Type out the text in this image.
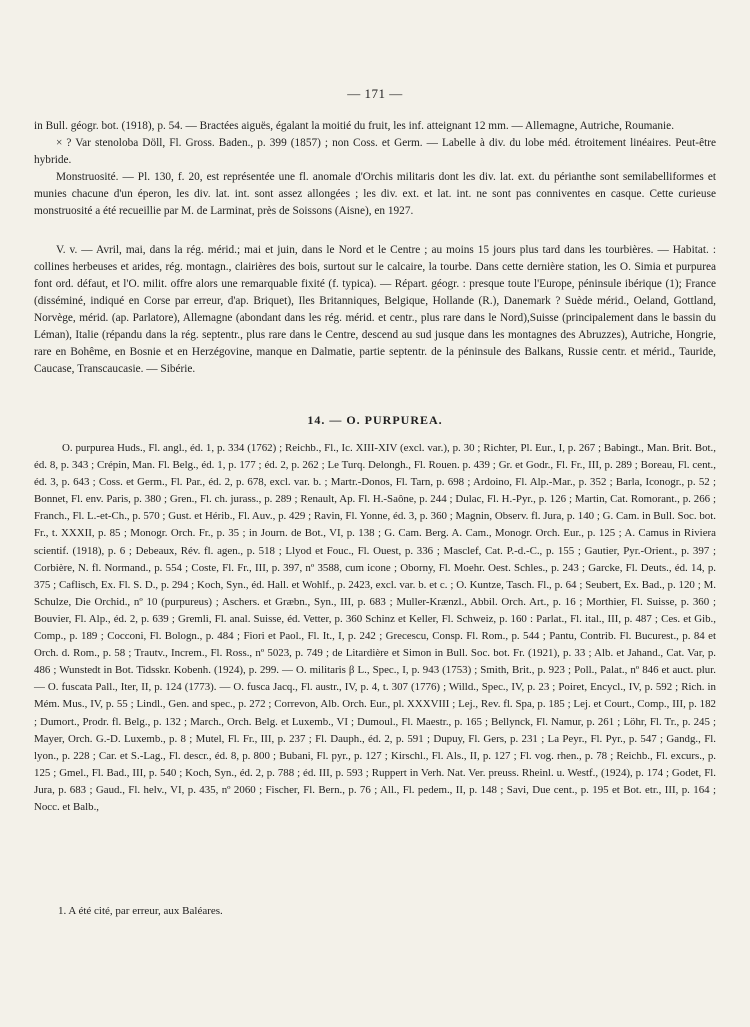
— 171 —

in Bull. géogr. bot. (1918), p. 54. — Bractées aiguës, égalant la moitié du fruit, les inf. atteignant 12 mm. — Allemagne, Autriche, Roumanie.

× ? Var stenoloba Döll, Fl. Gross. Baden., p. 399 (1857) ; non Coss. et Germ. — Labelle à div. du lobe méd. étroitement linéaires. Peut-être hybride.

Monstruosité. — Pl. 130, f. 20, est représentée une fl. anomale d'Orchis militaris dont les div. lat. ext. du périanthe sont semilabelliformes et munies chacune d'un éperon, les div. lat. int. sont assez allongées ; les div. ext. et lat. int. ne sont pas conniventes en casque. Cette curieuse monstruosité a été recueillie par M. de Larminat, près de Soissons (Aisne), en 1927.

V. v. — Avril, mai, dans la rég. mérid.; mai et juin, dans le Nord et le Centre ; au moins 15 jours plus tard dans les tourbières. — Habitat. : collines herbeuses et arides, rég. montagn., clairières des bois, surtout sur le calcaire, la tourbe. Dans cette dernière station, les O. Simia et purpurea font ord. défaut, et l'O. milit. offre alors une remarquable fixité (f. typica). — Répart. géogr. : presque toute l'Europe, péninsule ibérique (1); France (disséminé, indiqué en Corse par erreur, d'ap. Briquet), Iles Britanniques, Belgique, Hollande (R.), Danemark ? Suède mérid., Oeland, Gottland, Norvège, mérid. (ap. Parlatore), Allemagne (abondant dans les rég. mérid. et centr., plus rare dans le Nord),Suisse (principalement dans le bassin du Léman), Italie (répandu dans la rég. septentr., plus rare dans le Centre, descend au sud jusque dans les montagnes des Abruzzes), Autriche, Hongrie, rare en Bohême, en Bosnie et en Herzégovine, manque en Dalmatie, partie septentr. de la péninsule des Balkans, Russie centr. et mérid., Tauride, Caucase, Transcaucasie. — Sibérie.

14. — O. PURPUREA.

O. purpurea Huds., Fl. angl., éd. 1, p. 334 (1762) ; Reichb., Fl., Ic. XIII-XIV (excl. var.), p. 30 ; Richter, Pl. Eur., I, p. 267 ; Babingt., Man. Brit. Bot., éd. 8, p. 343 ; Crépin, Man. Fl. Belg., éd. 1, p. 177 ; éd. 2, p. 262 ; Le Turq. Delongh., Fl. Rouen. p. 439 ; Gr. et Godr., Fl. Fr., III, p. 289 ; Boreau, Fl. cent., éd. 3, p. 643 ; Coss. et Germ., Fl. Par., éd. 2, p. 678, excl. var. b. ; Martr.-Donos, Fl. Tarn, p. 698 ; Ardoino, Fl. Alp.-Mar., p. 352 ; Barla, Iconogr., p. 52 ; Bonnet, Fl. env. Paris, p. 380 ; Gren., Fl. ch. jurass., p. 289 ; Renault, Ap. Fl. H.-Saône, p. 244 ; Dulac, Fl. H.-Pyr., p. 126 ; Martin, Cat. Romorant., p. 266 ; Franch., Fl. L.-et-Ch., p. 570 ; Gust. et Hérib., Fl. Auv., p. 429 ; Ravin, Fl. Yonne, éd. 3, p. 360 ; Magnin, Observ. fl. Jura, p. 140 ; G. Cam. in Bull. Soc. bot. Fr., t. XXXII, p. 85 ; Monogr. Orch. Fr., p. 35 ; in Journ. de Bot., VI, p. 138 ; G. Cam. Berg. A. Cam., Monogr. Orch. Eur., p. 125 ; A. Camus in Riviera scientif. (1918), p. 6 ; Debeaux, Rév. fl. agen., p. 518 ; Llyod et Fouc., Fl. Ouest, p. 336 ; Masclef, Cat. P.-d.-C., p. 155 ; Gautier, Pyr.-Orient., p. 397 ; Corbière, N. fl. Normand., p. 554 ; Coste, Fl. Fr., III, p. 397, nº 3588, cum icone ; Oborny, Fl. Moehr. Oest. Schles., p. 243 ; Garcke, Fl. Deuts., éd. 14, p. 375 ; Caflisch, Ex. Fl. S. D., p. 294 ; Koch, Syn., éd. Hall. et Wohlf., p. 2423, excl. var. b. et c. ; O. Kuntze, Tasch. Fl., p. 64 ; Seubert, Ex. Bad., p. 120 ; M. Schulze, Die Orchid., nº 10 (purpureus) ; Aschers. et Græbn., Syn., III, p. 683 ; Muller-Krænzl., Abbil. Orch. Art., p. 16 ; Morthier, Fl. Suisse, p. 360 ; Bouvier, Fl. Alp., éd. 2, p. 639 ; Gremli, Fl. anal. Suisse, éd. Vetter, p. 360 Schinz et Keller, Fl. Schweiz, p. 160 : Parlat., Fl. ital., III, p. 487 ; Ces. et Gib., Comp., p. 189 ; Cocconi, Fl. Bologn., p. 484 ; Fiori et Paol., Fl. It., I, p. 242 ; Grecescu, Consp. Fl. Rom., p. 544 ; Pantu, Contrib. Fl. Bucurest., p. 84 et Orch. d. Rom., p. 58 ; Trautv., Increm., Fl. Ross., nº 5023, p. 749 ; de Litardière et Simon in Bull. Soc. bot. Fr. (1921), p. 33 ; Alb. et Jahand., Cat. Var, p. 486 ; Wunstedt in Bot. Tidsskr. Kobenh. (1924), p. 299. — O. militaris β L., Spec., I, p. 943 (1753) ; Smith, Brit., p. 923 ; Poll., Palat., nº 846 et auct. plur.— O. fuscata Pall., Iter, II, p. 124 (1773). — O. fusca Jacq., Fl. austr., IV, p. 4, t. 307 (1776) ; Willd., Spec., IV, p. 23 ; Poiret, Encycl., IV, p. 592 ; Rich. in Mém. Mus., IV, p. 55 ; Lindl., Gen. and spec., p. 272 ; Correvon, Alb. Orch. Eur., pl. XXXVIII ; Lej., Rev. fl. Spa, p. 185 ; Lej. et Court., Comp., III, p. 182 ; Dumort., Prodr. fl. Belg., p. 132 ; March., Orch. Belg. et Luxemb., VI ; Dumoul., Fl. Maestr., p. 165 ; Bellynck, Fl. Namur, p. 261 ; Löhr, Fl. Tr., p. 245 ; Mayer, Orch. G.-D. Luxemb., p. 8 ; Mutel, Fl. Fr., III, p. 237 ; Fl. Dauph., éd. 2, p. 591 ; Dupuy, Fl. Gers, p. 231 ; La Peyr., Fl. Pyr., p. 547 ; Gandg., Fl. lyon., p. 228 ; Car. et S.-Lag., Fl. descr., éd. 8, p. 800 ; Bubani, Fl. pyr., p. 127 ; Kirschl., Fl. Als., II, p. 127 ; Fl. vog. rhen., p. 78 ; Reichb., Fl. excurs., p. 125 ; Gmel., Fl. Bad., III, p. 540 ; Koch, Syn., éd. 2, p. 788 ; éd. III, p. 593 ; Ruppert in Verh. Nat. Ver. preuss. Rheinl. u. Westf., (1924), p. 174 ; Godet, Fl. Jura, p. 683 ; Gaud., Fl. helv., VI, p. 435, nº 2060 ; Fischer, Fl. Bern., p. 76 ; All., Fl. pedem., II, p. 148 ; Savi, Due cent., p. 195 et Bot. etr., III, p. 164 ; Nocc. et Balb.,

1. A été cité, par erreur, aux Baléares.
